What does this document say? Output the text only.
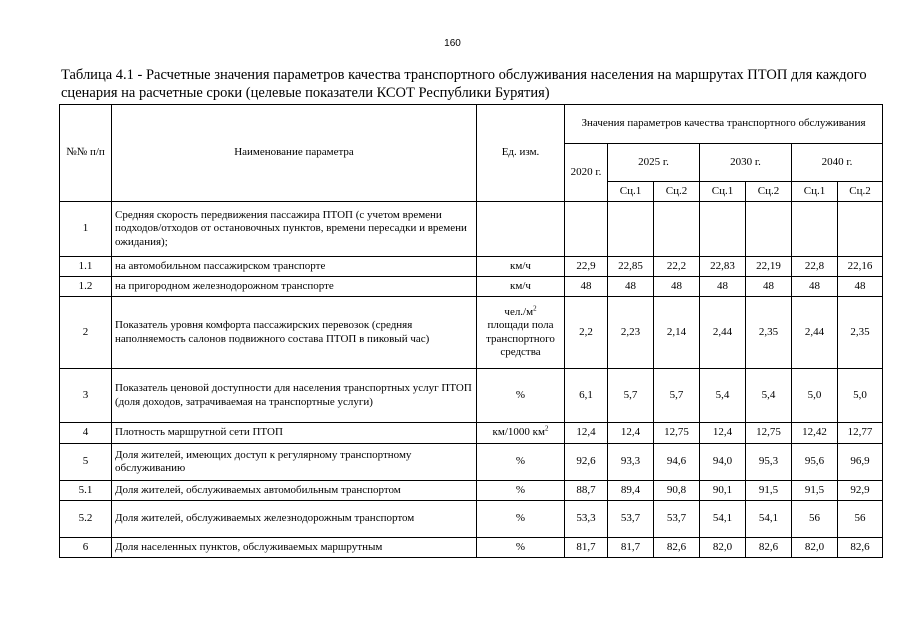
160
Таблица 4.1 - Расчетные значения параметров качества транспортного обслуживания населения на маршрутах ПТОП для каждого сценария на расчетные сроки (целевые показатели КСОТ Республики Бурятия)
№№ п/п	Наименование параметра	Ед. изм.	Значения параметров качества транспортного обслуживания						
			2020 г.	2025 г.		2030 г.		2040 г.	
				Сц.1	Сц.2	Сц.1	Сц.2	Сц.1	Сц.2
1	Средняя скорость передвижения пассажира ПТОП (с учетом времени подходов/отходов от остановочных пунктов, времени пересадки и времени ожидания);								
1.1	на автомобильном пассажирском транспорте	км/ч	22,9	22,85	22,2	22,83	22,19	22,8	22,16
1.2	на пригородном железнодорожном транспорте	км/ч	48	48	48	48	48	48	48
2	Показатель уровня комфорта пассажирских перевозок (средняя наполняемость салонов подвижного состава ПТОП в пиковый час)	$чел./м^2$
площади пола транспортного средства	2,2	2,23	2,14	2,44	2,35	2,44	2,35
3	Показатель ценовой доступности для населения транспортных услуг ПТОП (доля доходов, затрачиваемая на транспортные услуги)	%	6,1	5,7	5,7	5,4	5,4	5,0	5,0
4	Плотность маршрутной сети ПТОП	км/1000 $км^2$	12,4	12,4	12,75	12,4	12,75	12,42	12,77
5	Доля жителей, имеющих доступ к регулярному транспортному обслуживанию	%	92,6	93,3	94,6	94,0	95,3	95,6	96,9
5.1	Доля жителей, обслуживаемых автомобильным транспортом	%	88,7	89,4	90,8	90,1	91,5	91,5	92,9
5.2	Доля жителей, обслуживаемых железнодорожным транспортом	%	53,3	53,7	53,7	54,1	54,1	56	56
6	Доля населенных пунктов, обслуживаемых маршрутным	%	81,7	81,7	82,6	82,0	82,6	82,0	82,6
